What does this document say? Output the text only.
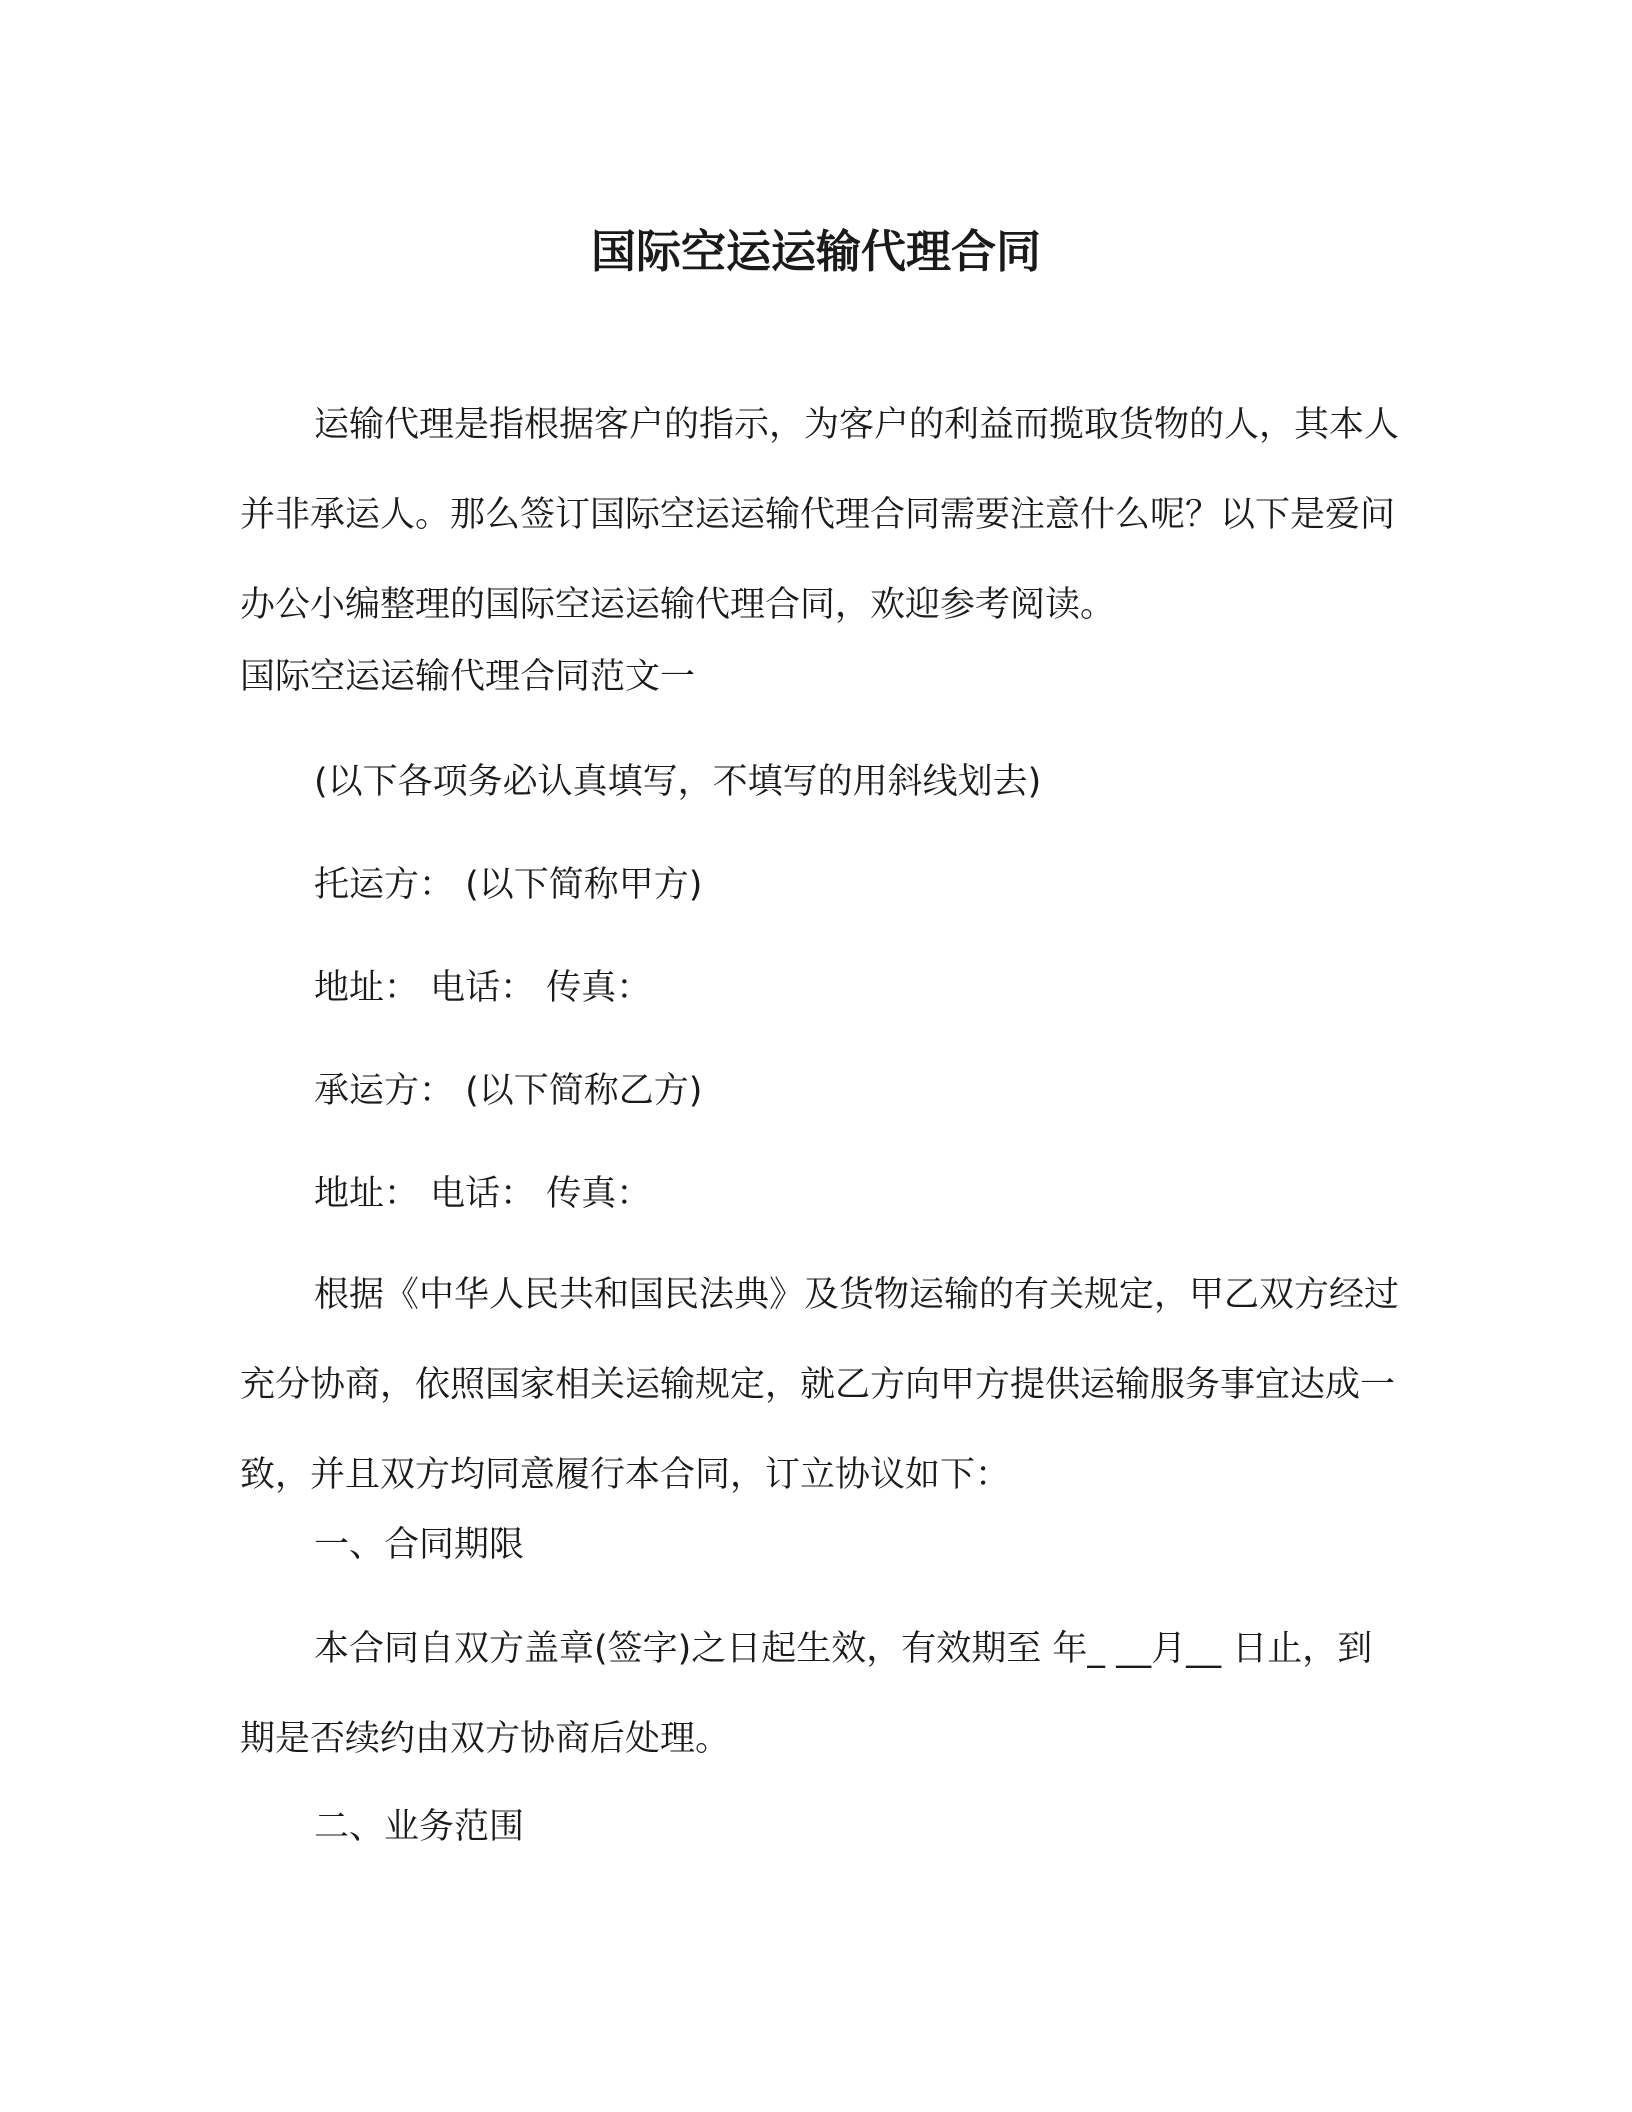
国际空运运输代理合同

运输代理是指根据客户的指示，为客户的利益而揽取货物的人，其本人并非承运人。那么签订国际空运运输代理合同需要注意什么呢？以下是爱问办公小编整理的国际空运运输代理合同，欢迎参考阅读。

国际空运运输代理合同范文一
(以下各项务必认真填写，不填写的用斜线划去)
托运方： (以下简称甲方)
地址： 电话： 传真：
承运方： (以下简称乙方)
地址： 电话： 传真：

根据《中华人民共和国民法典》及货物运输的有关规定，甲乙双方经过充分协商，依照国家相关运输规定，就乙方向甲方提供运输服务事宜达成一致，并且双方均同意履行本合同，订立协议如下：

一、合同期限

本合同自双方盖章(签字)之日起生效，有效期至 年_ __月__ 日止，到期是否续约由双方协商后处理。

二、业务范围
